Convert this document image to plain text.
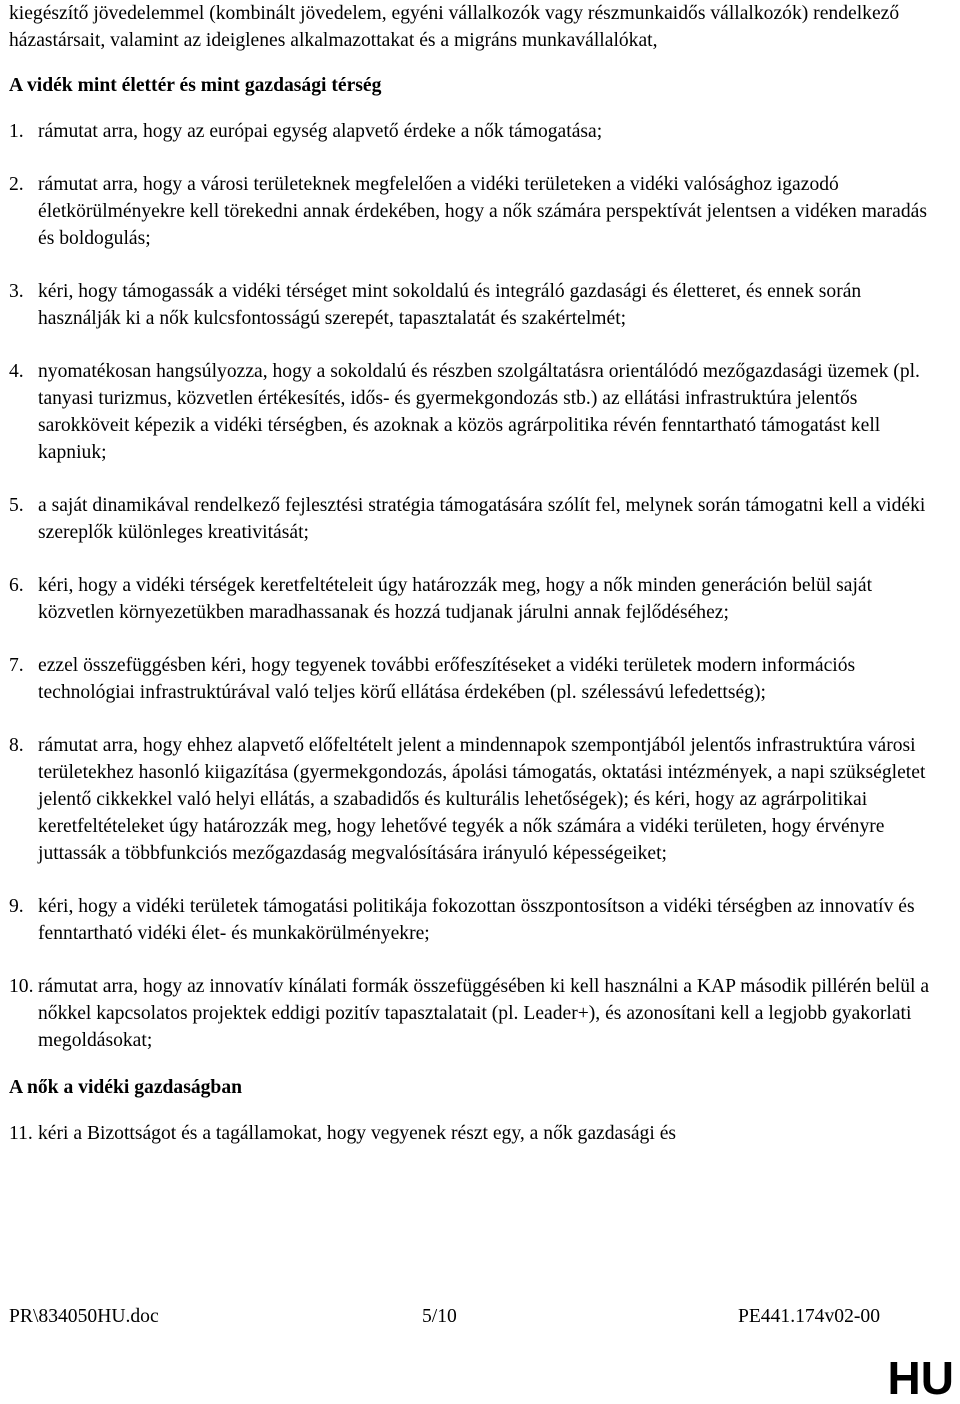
kiegészítő jövedelemmel (kombinált jövedelem, egyéni vállalkozók vagy részmunkaidős vállalkozók) rendelkező házastársait, valamint az ideiglenes alkalmazottakat és a migráns munkavállalókat,

A vidék mint élettér és mint gazdasági térség

1. rámutat arra, hogy az európai egység alapvető érdeke a nők támogatása;
2. rámutat arra, hogy a városi területeknek megfelelően a vidéki területeken a vidéki valósághoz igazodó életkörülményekre kell törekedni annak érdekében, hogy a nők számára perspektívát jelentsen a vidéken maradás és boldogulás;
3. kéri, hogy támogassák a vidéki térséget mint sokoldalú és integráló gazdasági és életteret, és ennek során használják ki a nők kulcsfontosságú szerepét, tapasztalatát és szakértelmét;
4. nyomatékosan hangsúlyozza, hogy a sokoldalú és részben szolgáltatásra orientálódó mezőgazdasági üzemek (pl. tanyasi turizmus, közvetlen értékesítés, idős- és gyermekgondozás stb.) az ellátási infrastruktúra jelentős sarokköveit képezik a vidéki térségben, és azoknak a közös agrárpolitika révén fenntartható támogatást kell kapniuk;
5. a saját dinamikával rendelkező fejlesztési stratégia támogatására szólít fel, melynek során támogatni kell a vidéki szereplők különleges kreativitását;
6. kéri, hogy a vidéki térségek keretfeltételeit úgy határozzák meg, hogy a nők minden generáción belül saját közvetlen környezetükben maradhassanak és hozzá tudjanak járulni annak fejlődéséhez;
7. ezzel összefüggésben kéri, hogy tegyenek további erőfeszítéseket a vidéki területek modern információs technológiai infrastruktúrával való teljes körű ellátása érdekében (pl. szélessávú lefedettség);
8. rámutat arra, hogy ehhez alapvető előfeltételt jelent a mindennapok szempontjából jelentős infrastruktúra városi területekhez hasonló kiigazítása (gyermekgondozás, ápolási támogatás, oktatási intézmények, a napi szükségletet jelentő cikkekkel való helyi ellátás, a szabadidős és kulturális lehetőségek); és kéri, hogy az agrárpolitikai keretfeltételeket úgy határozzák meg, hogy lehetővé tegyék a nők számára a vidéki területen, hogy érvényre juttassák a többfunkciós mezőgazdaság megvalósítására irányuló képességeiket;
9. kéri, hogy a vidéki területek támogatási politikája fokozottan összpontosítson a vidéki térségben az innovatív és fenntartható vidéki élet- és munkakörülményekre;
10. rámutat arra, hogy az innovatív kínálati formák összefüggésében ki kell használni a KAP második pillérén belül a nőkkel kapcsolatos projektek eddigi pozitív tapasztalatait (pl. Leader+), és azonosítani kell a legjobb gyakorlati megoldásokat;

A nők a vidéki gazdaságban

11. kéri a Bizottságot és a tagállamokat, hogy vegyenek részt egy, a nők gazdasági és
PR\834050HU.doc	5/10	PE441.174v02-00
HU
